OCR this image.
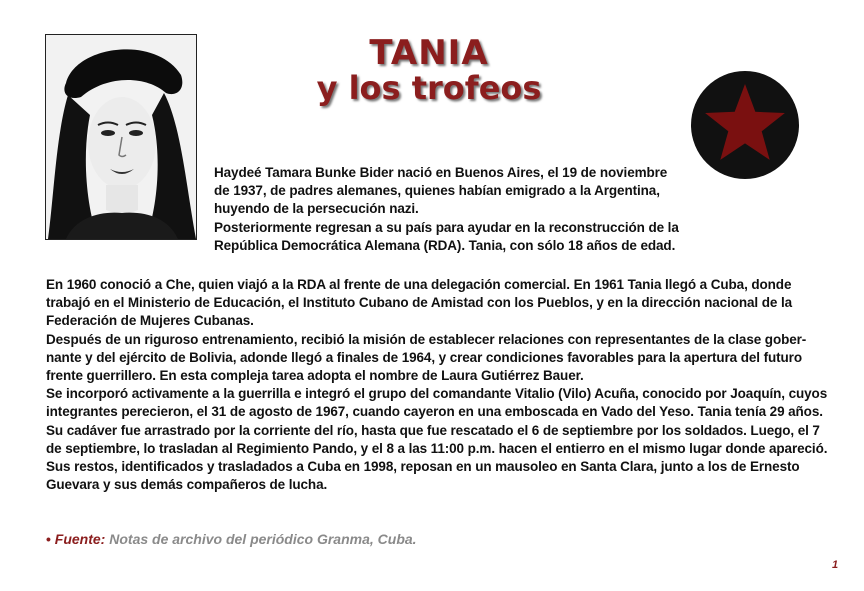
TANIA
y los trofeos

Haydeé Tamara Bunke Bider nació en Buenos Aires, el 19 de noviembre de 1937, de padres alemanes, quienes habían emigrado a la Argentina, huyendo de la persecución nazi.

Posteriormente regresan a su país para ayudar en la reconstrucción de la República Democrática Alemana (RDA). Tania, con sólo 18 años de edad.

En 1960 conoció a Che, quien viajó a la RDA al frente de una delegación comercial. En 1961 Tania llegó a Cuba, donde trabajó en el Ministerio de Educación, el Instituto Cubano de Amistad con los Pueblos, y en la dirección nacional de la Federación de Mujeres Cubanas.

Después de un riguroso entrenamiento, recibió la misión de establecer relaciones con representantes de la clase gober-nante y del ejército de Bolivia, adonde llegó a finales de 1964, y crear condiciones favorables para la apertura del futuro frente guerrillero. En esta compleja tarea adopta el nombre de Laura Gutiérrez Bauer.

Se incorporó activamente a la guerrilla e integró el grupo del comandante Vitalio (Vilo) Acuña, conocido por Joaquín, cuyos integrantes perecieron, el 31 de agosto de 1967, cuando cayeron en una emboscada en Vado del Yeso. Tania tenía 29 años. Su cadáver fue arrastrado por la corriente del río, hasta que fue rescatado el 6 de septiembre por los soldados. Luego, el 7 de septiembre, lo trasladan al Regimiento Pando, y el 8 a las 11:00 p.m. hacen el entierro en el mismo lugar donde apareció.

Sus restos, identificados y trasladados a Cuba en 1998, reposan en un mausoleo en Santa Clara, junto a los de Ernesto Guevara y sus demás compañeros de lucha.

• Fuente: Notas de archivo del periódico Granma, Cuba.
1
